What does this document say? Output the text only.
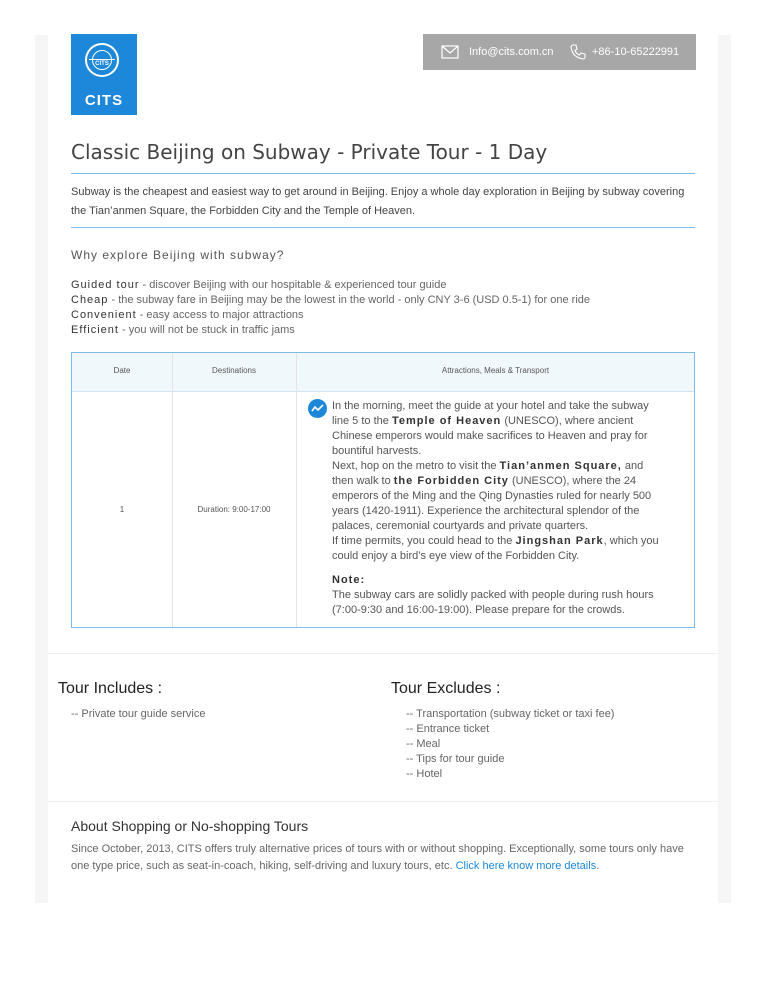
CITS
CITS
Info@cits.com.cn	+86-10-65222991
Classic Beijing on Subway - Private Tour - 1 Day
Subway is the cheapest and easiest way to get around in Beijing. Enjoy a whole day exploration in Beijing by subway covering the Tian’anmen Square, the Forbidden City and the Temple of Heaven.
Why explore Beijing with subway?
Guided tour - discover Beijing with our hospitable & experienced tour guide
Cheap - the subway fare in Beijing may be the lowest in the world - only CNY 3-6 (USD 0.5-1) for one ride
Convenient - easy access to major attractions
Efficient - you will not be stuck in traffic jams
Date	Destinations	Attractions, Meals & Transport
1	Duration: 9:00-17:00
In the morning, meet the guide at your hotel and take the subway line 5 to the Temple of Heaven (UNESCO), where ancient Chinese emperors would make sacrifices to Heaven and pray for bountiful harvests.
Next, hop on the metro to visit the Tian’anmen Square, and then walk to the Forbidden City (UNESCO), where the 24 emperors of the Ming and the Qing Dynasties ruled for nearly 500 years (1420-1911). Experience the architectural splendor of the palaces, ceremonial courtyards and private quarters.
If time permits, you could head to the Jingshan Park, which you could enjoy a bird’s eye view of the Forbidden City.
Note:
The subway cars are solidly packed with people during rush hours (7:00-9:30 and 16:00-19:00). Please prepare for the crowds.
Tour Includes :
-- Private tour guide service
Tour Excludes :
-- Transportation (subway ticket or taxi fee)
-- Entrance ticket
-- Meal
-- Tips for tour guide
-- Hotel
About Shopping or No-shopping Tours
Since October, 2013, CITS offers truly alternative prices of tours with or without shopping. Exceptionally, some tours only have one type price, such as seat-in-coach, hiking, self-driving and luxury tours, etc. Click here know more details.
